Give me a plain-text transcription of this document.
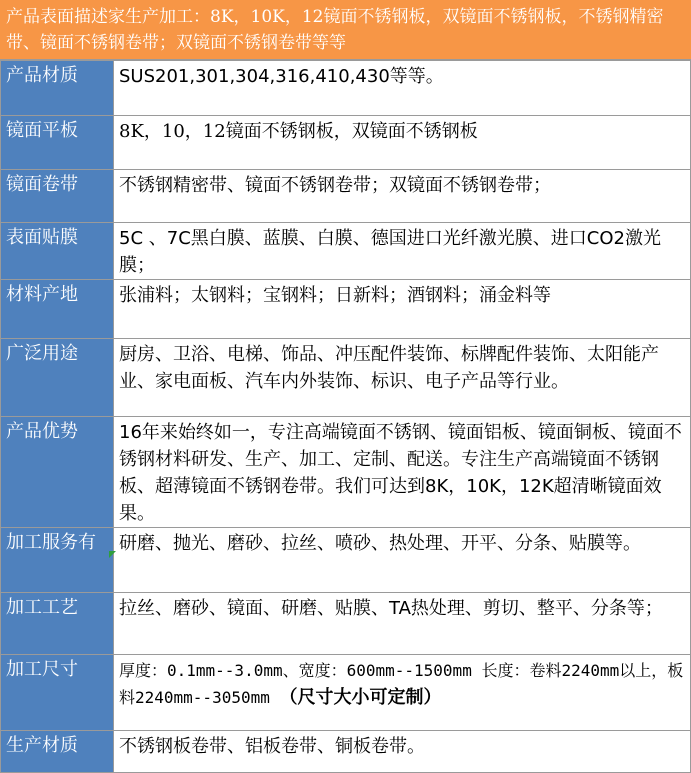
产品表面描述家生产加工：8K，10K，12镜面不锈钢板，双镜面不锈钢板，不锈钢精密带、镜面不锈钢卷带；双镜面不锈钢卷带等等
产品材质	SUS201,301,304,316,410,430等等。
镜面平板	8K，10，12镜面不锈钢板，双镜面不锈钢板
镜面卷带	不锈钢精密带、镜面不锈钢卷带；双镜面不锈钢卷带；
表面贴膜	5C 、7C黑白膜、蓝膜、白膜、德国进口光纤激光膜、进口CO2激光膜；
材料产地	张浦料；太钢料；宝钢料；日新料；酒钢料；涌金料等
广泛用途	厨房、卫浴、电梯、饰品、冲压配件装饰、标牌配件装饰、太阳能产业、家电面板、汽车内外装饰、标识、电子产品等行业。
产品优势	16年来始终如一，专注高端镜面不锈钢、镜面铝板、镜面铜板、镜面不锈钢材料研发、生产、加工、定制、配送。专注生产高端镜面不锈钢板、超薄镜面不锈钢卷带。我们可达到8K，10K，12K超清晰镜面效果。
加工服务有	研磨、抛光、磨砂、拉丝、喷砂、热处理、开平、分条、贴膜等。
加工工艺	拉丝、磨砂、镜面、研磨、贴膜、TA热处理、剪切、整平、分条等；
加工尺寸	厚度：0.1mm--3.0mm、宽度：600mm--1500mm 长度：卷料2240mm以上，板料2240mm--3050mm （尺寸大小可定制）
生产材质	不锈钢板卷带、铝板卷带、铜板卷带。
